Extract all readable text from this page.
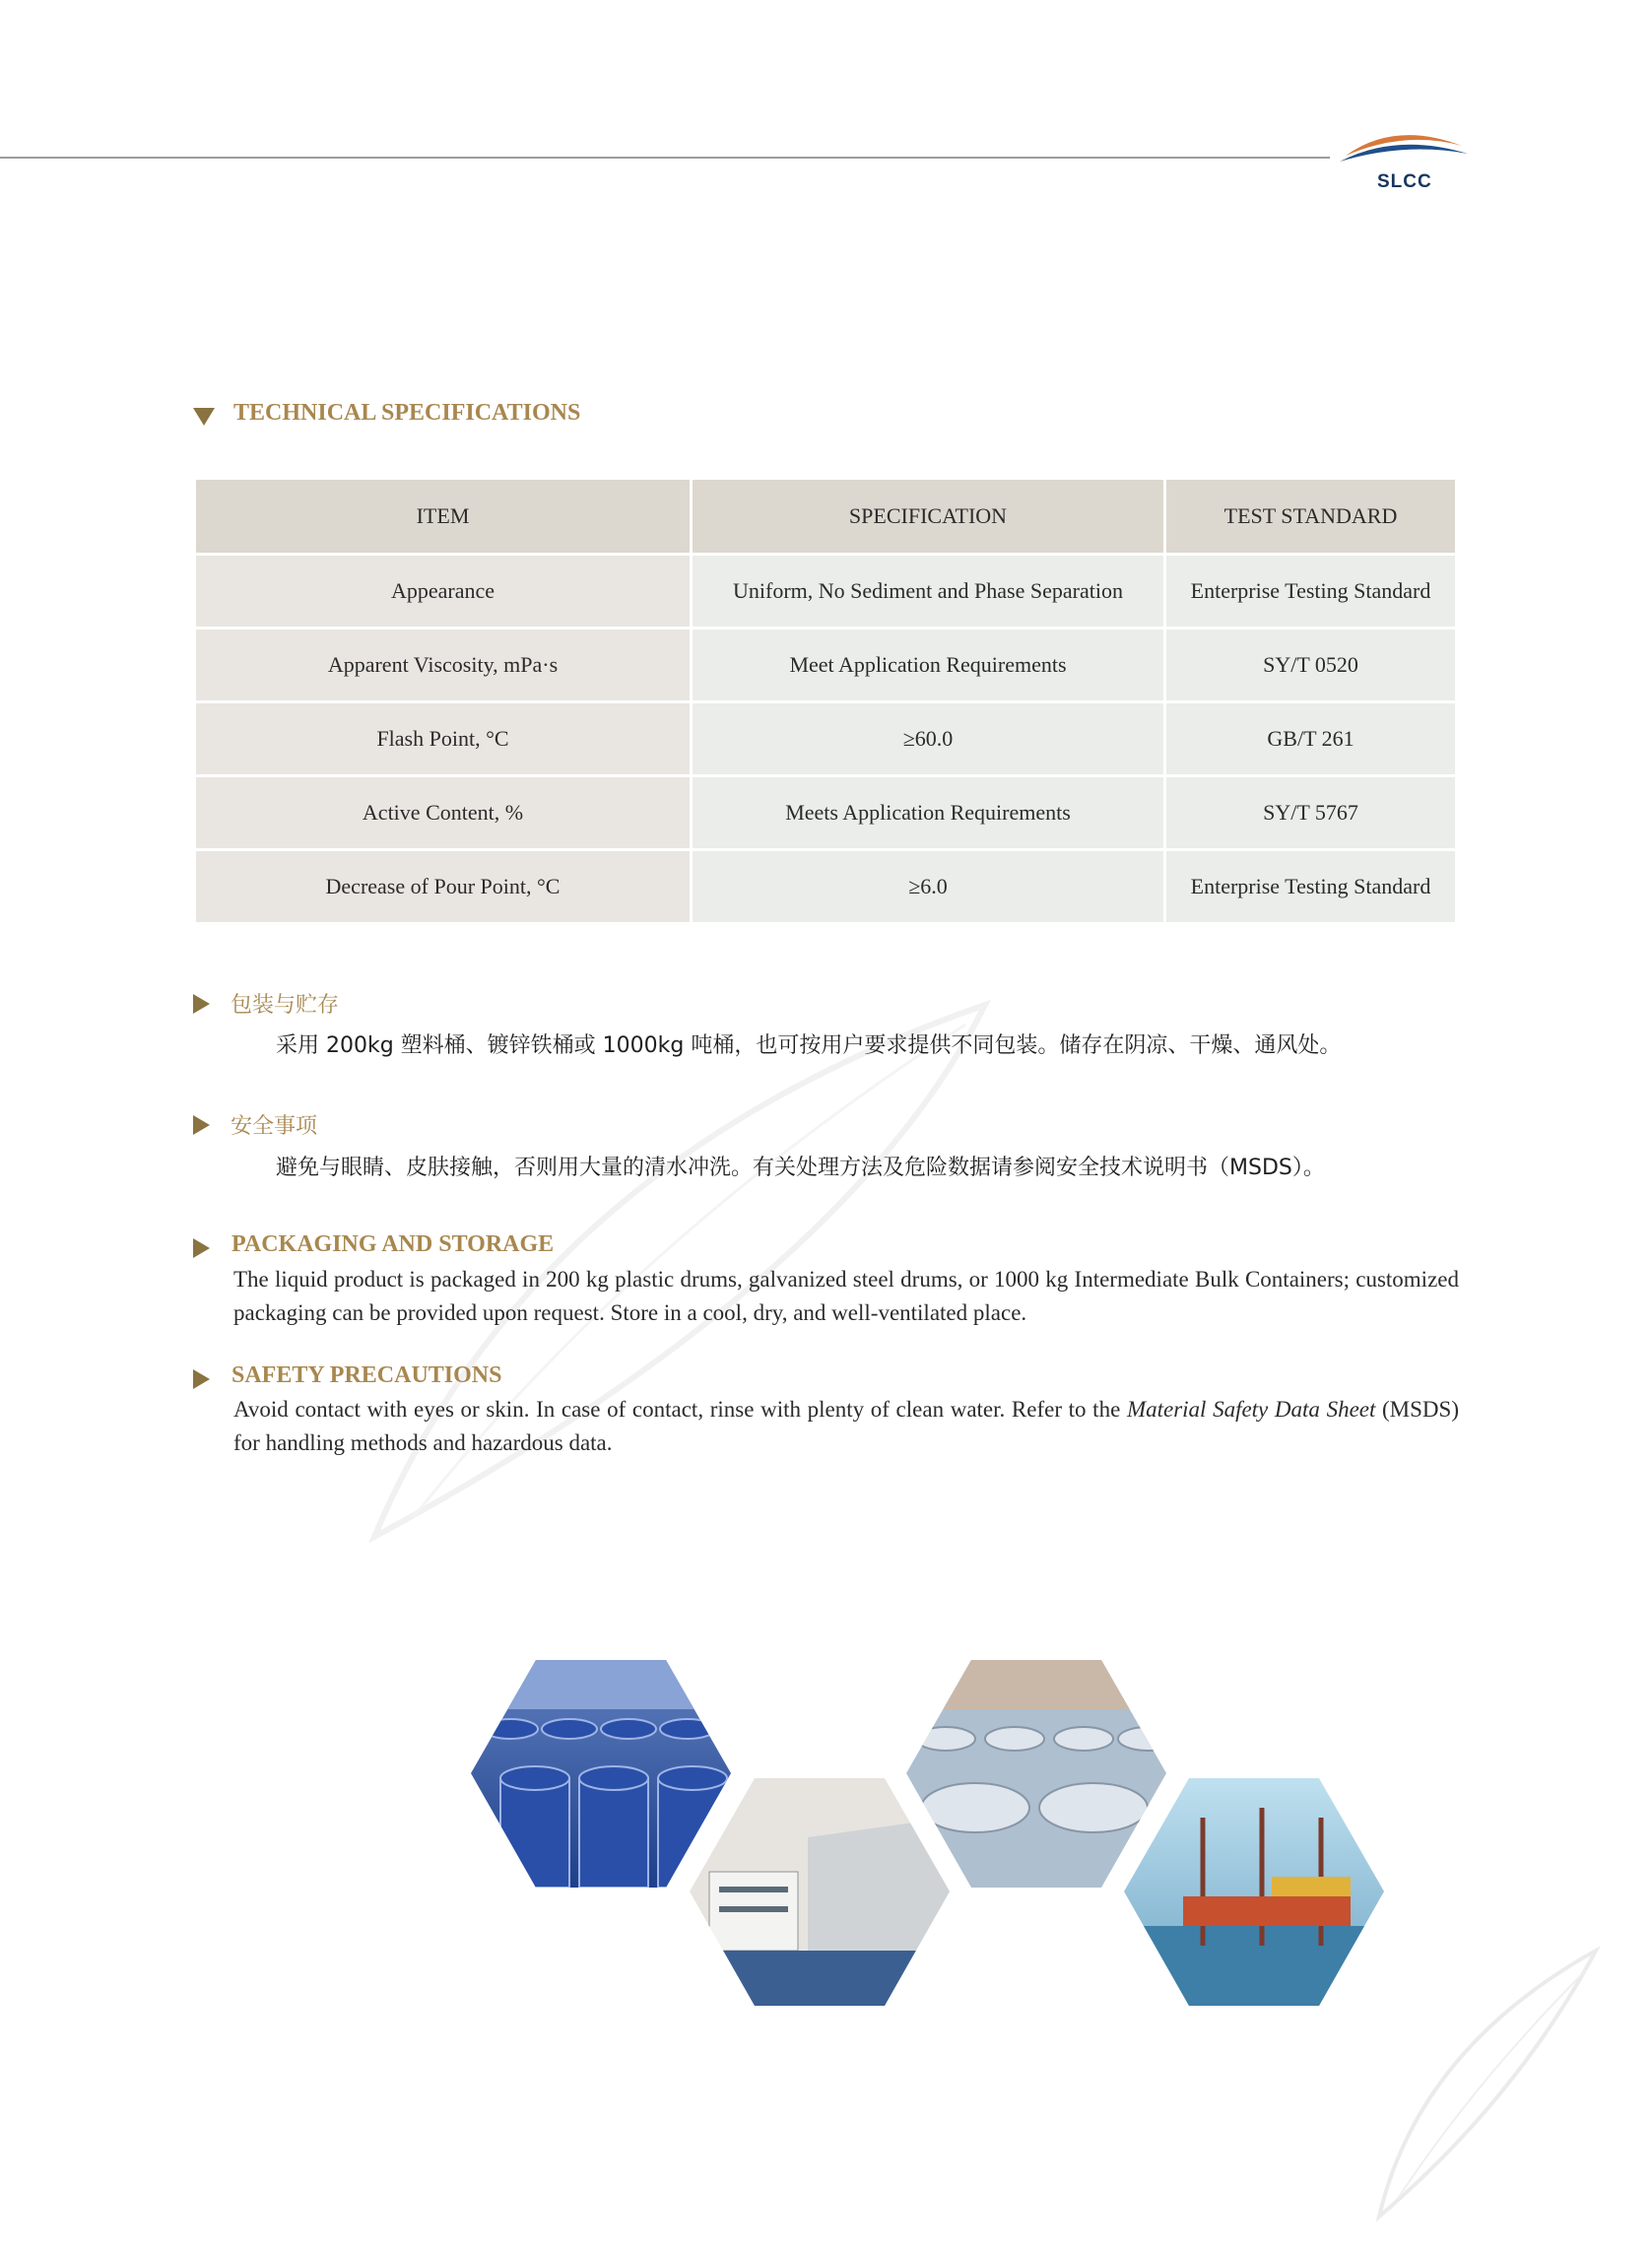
SLCC
TECHNICAL SPECIFICATIONS
ITEM	SPECIFICATION	TEST STANDARD
Appearance	Uniform, No Sediment and Phase Separation	Enterprise Testing Standard
Apparent Viscosity, mPa·s	Meet Application Requirements	SY/T 0520
Flash Point, °C	≥60.0	GB/T 261
Active Content, %	Meets Application Requirements	SY/T 5767
Decrease of Pour Point, °C	≥6.0	Enterprise Testing Standard
包装与贮存
采用 200kg 塑料桶、镀锌铁桶或 1000kg 吨桶，也可按用户要求提供不同包装。储存在阴凉、干燥、通风处。
安全事项
避免与眼睛、皮肤接触，否则用大量的清水冲洗。有关处理方法及危险数据请参阅安全技术说明书（MSDS）。
PACKAGING AND STORAGE
The liquid product is packaged in 200 kg plastic drums, galvanized steel drums, or 1000 kg Intermediate Bulk Containers; customized packaging can be provided upon request. Store in a cool, dry, and well-ventilated place.
SAFETY PRECAUTIONS
Avoid contact with eyes or skin. In case of contact, rinse with plenty of clean water. Refer to the Material Safety Data Sheet (MSDS) for handling methods and hazardous data.
